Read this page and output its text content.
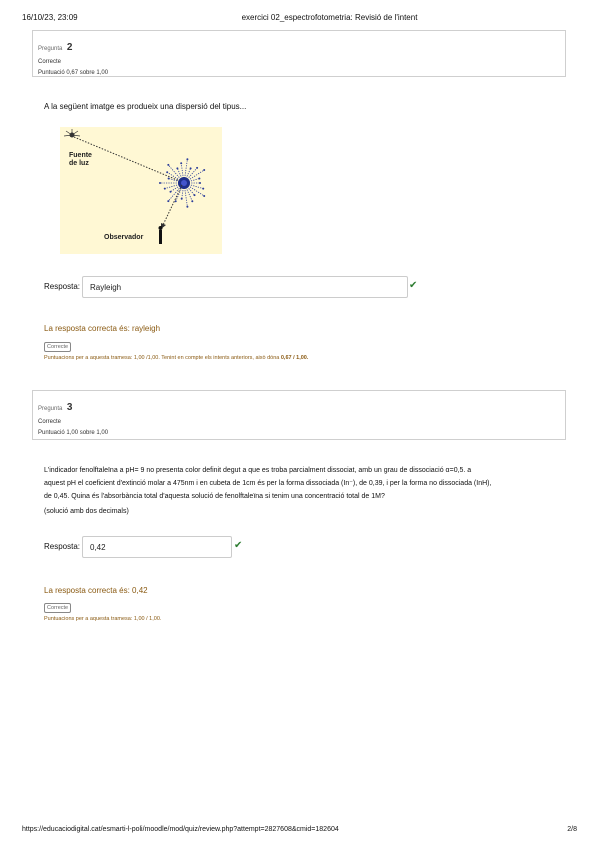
16/10/23, 23:09	exercici 02_espectrofotometria: Revisió de l'intent
Pregunta 2
Correcte
Puntuació 0,67 sobre 1,00
A la següent imatge es produeix una dispersió del tipus...
Fuente
de luz
Observador
Resposta:	Rayleigh	✔
La resposta correcta és: rayleigh
Correcte
Puntuacions per a aquesta tramesa: 1,00 /1,00. Tenint en compte els intents anteriors, això dóna 0,67 / 1,00.
Pregunta 3
Correcte
Puntuació 1,00 sobre 1,00
L'indicador fenolftaleïna a pH= 9 no presenta color definit degut a que es troba parcialment dissociat, amb un grau de dissociació α=0,5. a
aquest pH el coeficient d'extinció molar a 475nm i en cubeta de 1cm és per la forma dissociada (In⁻), de 0,39, i per la forma no dissociada (InH),
de 0,45. Quina és l'absorbància total d'aquesta solució de fenolftaleïna si tenim una concentració total de 1M?
(solució amb dos decimals)
Resposta:	0,42	✔
La resposta correcta és: 0,42
Correcte
Puntuacions per a aquesta tramesa: 1,00 / 1,00.
https://educaciodigital.cat/esmarti-l-poli/moodle/mod/quiz/review.php?attempt=2827608&cmid=182604	2/8
